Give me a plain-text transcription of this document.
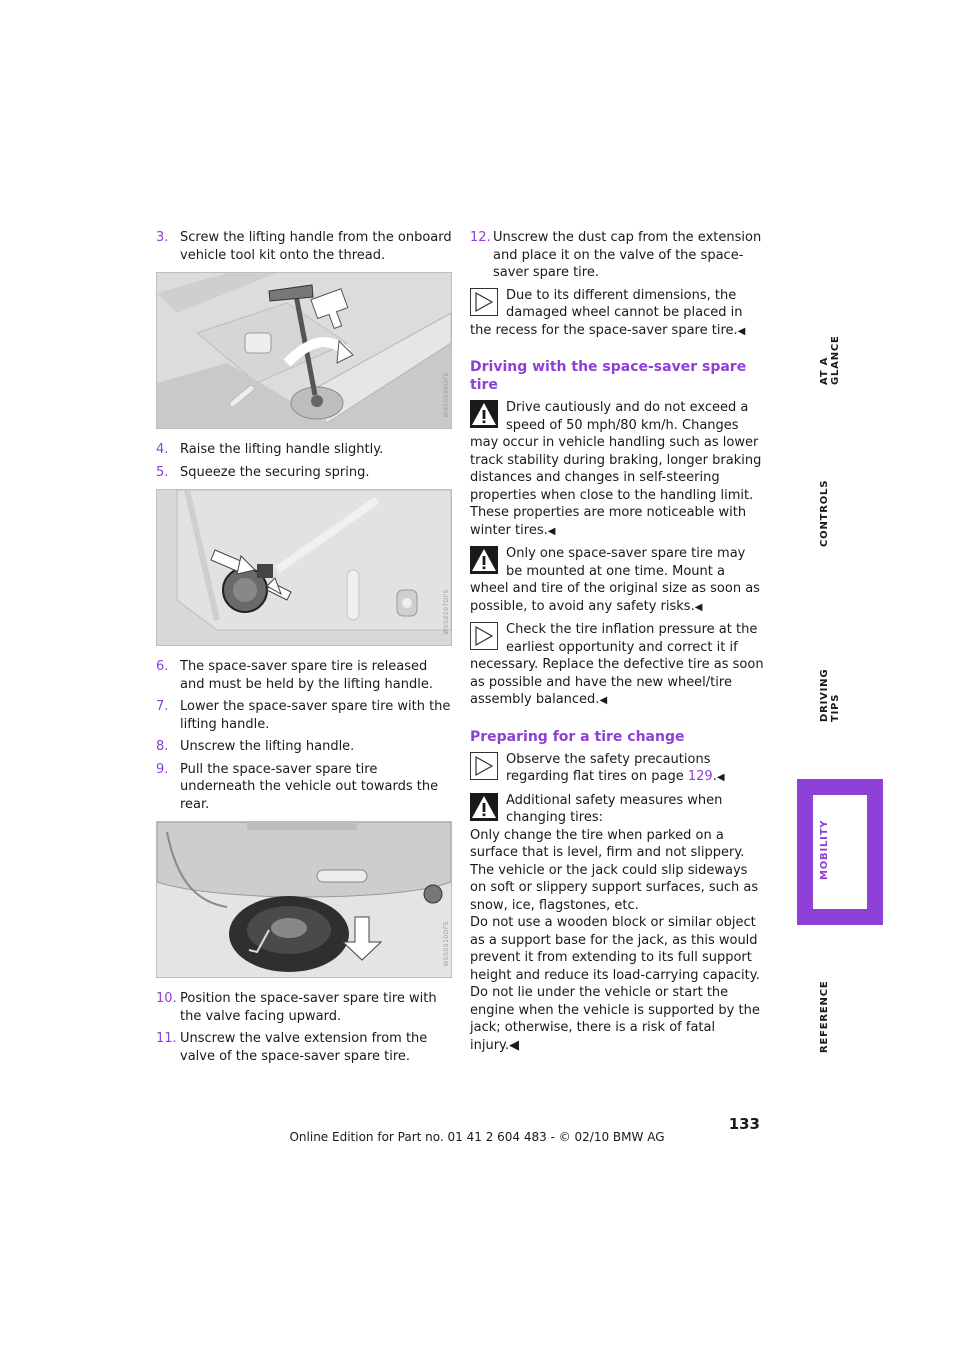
3. Screw the lifting handle from the onboard vehicle tool kit onto the thread.
W0S0508DFS
4. Raise the lifting handle slightly.
5. Squeeze the securing spring.
W0S0507DFS
6. The space-saver spare tire is released and must be held by the lifting handle.
7. Lower the space-saver spare tire with the lifting handle.
8. Unscrew the lifting handle.
9. Pull the space-saver spare tire underneath the vehicle out towards the rear.
W0S0510DFS
10. Position the space-saver spare tire with the valve facing upward.
11. Unscrew the valve extension from the valve of the space-saver spare tire.
12. Unscrew the dust cap from the extension and place it on the valve of the space-saver spare tire.
Due to its different dimensions, the damaged wheel cannot be placed in the recess for the space-saver spare tire.◀
Driving with the space-saver spare tire
Drive cautiously and do not exceed a speed of 50 mph/80 km/h. Changes may occur in vehicle handling such as lower track stability during braking, longer braking distances and changes in self-steering properties when close to the handling limit. These properties are more noticeable with winter tires.◀
Only one space-saver spare tire may be mounted at one time. Mount a wheel and tire of the original size as soon as possible, to avoid any safety risks.◀
Check the tire inflation pressure at the earliest opportunity and correct it if necessary. Replace the defective tire as soon as possible and have the new wheel/tire assembly balanced.◀
Preparing for a tire change
Observe the safety precautions regarding flat tires on page 129.◀
Additional safety measures when changing tires:
Only change the tire when parked on a surface that is level, firm and not slippery.
The vehicle or the jack could slip sideways on soft or slippery support surfaces, such as snow, ice, flagstones, etc.
Do not use a wooden block or similar object as a support base for the jack, as this would prevent it from extending to its full support height and reduce its load-carrying capacity.
Do not lie under the vehicle or start the engine when the vehicle is supported by the jack; otherwise, there is a risk of fatal injury.◀
AT A GLANCE
CONTROLS
DRIVING TIPS
MOBILITY
REFERENCE
133
Online Edition for Part no. 01 41 2 604 483 - © 02/10 BMW AG
